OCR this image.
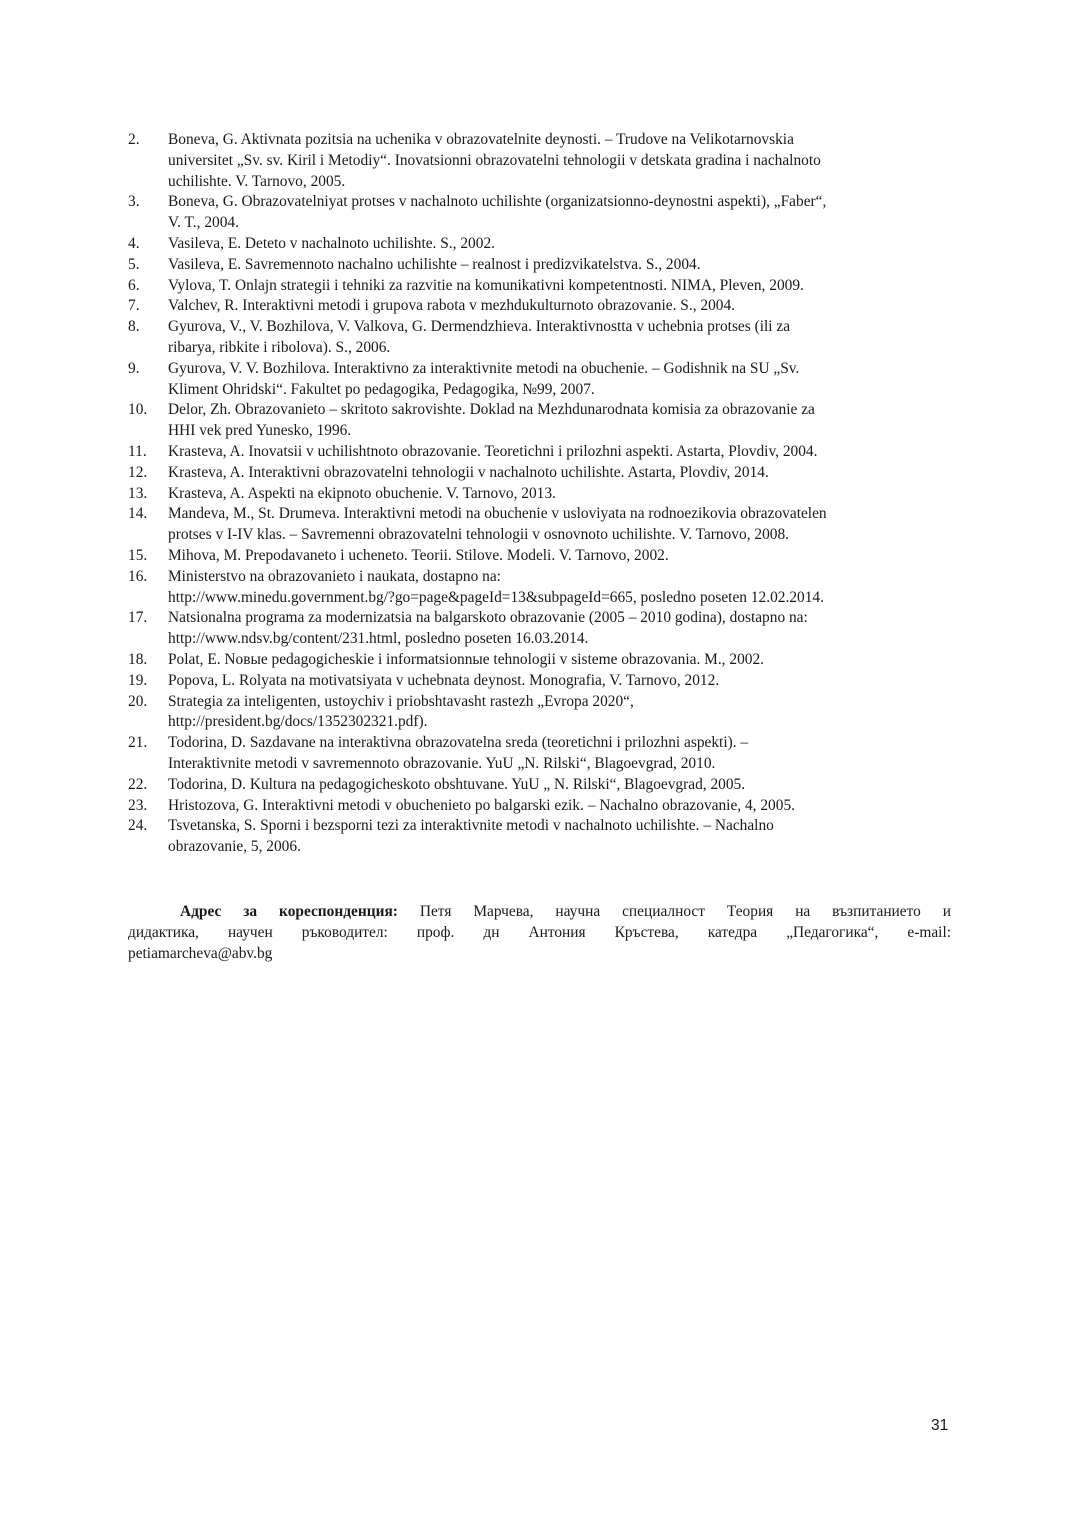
2.	Boneva, G. Aktivnata pozitsia na uchenika v obrazovatelnite deynosti. – Trudove na Velikotarnovskia
universitet „Sv. sv. Kiril i Metodiy“. Inovatsionni obrazovatelni tehnologii v detskata gradina i nachalnoto
uchilishte. V. Tarnovo, 2005.
3.	Boneva, G. Obrazovatelniyat protses v nachalnoto uchilishte (organizatsionno-deynostni aspekti), „Faber“,
V. T., 2004.
4.	Vasileva, E. Deteto v nachalnoto uchilishte. S., 2002.
5.	Vasileva, E. Savremennoto nachalno uchilishte – realnost i predizvikatelstva. S., 2004.
6.	Vylova, T. Onlajn strategii i tehniki za razvitie na komunikativni kompetentnosti. NIMA, Pleven, 2009.
7.	Valchev, R. Interaktivni metodi i grupova rabota v mezhdukulturnoto obrazovanie. S., 2004.
8.	Gyurova, V., V. Bozhilova, V. Valkova, G. Dermendzhieva. Interaktivnostta v uchebnia protses (ili za
ribarya, ribkite i ribolova). S., 2006.
9.	Gyurova, V. V. Bozhilova. Interaktivno za interaktivnite metodi na obuchenie. – Godishnik na SU „Sv.
Kliment Ohridski“. Fakultet po pedagogika, Pedagogika, №99, 2007.
10.	Delor, Zh. Obrazovanieto – skritoto sakrovishte. Doklad na Mezhdunarodnata komisia za obrazovanie za
HHI vek pred Yunesko, 1996.
11.	Krasteva, A. Inovatsii v uchilishtnoto obrazovanie. Teoretichni i prilozhni aspekti. Astarta, Plovdiv, 2004.
12.	Krasteva, A. Interaktivni obrazovatelni tehnologii v nachalnoto uchilishte. Astarta, Plovdiv, 2014.
13.	Krasteva, A. Aspekti na ekipnoto obuchenie. V. Tarnovo, 2013.
14.	Mandeva, M., St. Drumeva. Interaktivni metodi na obuchenie v usloviyata na rodnoezikovia obrazovatelen
protses v I-IV klas. – Savremenni obrazovatelni tehnologii v osnovnoto uchilishte. V. Tarnovo, 2008.
15.	Mihova, M. Prepodavaneto i ucheneto. Teorii. Stilove. Modeli. V. Tarnovo, 2002.
16.	Ministerstvo na obrazovanieto i naukata, dostapno na:
http://www.minedu.government.bg/?go=page&pageId=13&subpageId=665, posledno poseten 12.02.2014.
17.	Natsionalna programa za modernizatsia na balgarskoto obrazovanie (2005 – 2010 godina), dostapno na:
http://www.ndsv.bg/content/231.html, posledno poseten 16.03.2014.
18.	Polat, E. Noвые pedagogicheskie i informatsionnыe tehnologii v sisteme obrazovania. M., 2002.
19.	Popova, L. Rolyata na motivatsiyata v uchebnata deynost. Monografia, V. Tarnovo, 2012.
20.	Strategia za inteligenten, ustoychiv i priobshtavasht rastezh „Evropa 2020“,
http://president.bg/docs/1352302321.pdf).
21.	Todorina, D. Sazdavane na interaktivna obrazovatelna sreda (teoretichni i prilozhni aspekti). –
Interaktivnite metodi v savremennoto obrazovanie. YuU „N. Rilski“, Blagoevgrad, 2010.
22.	Todorina, D. Kultura na pedagogicheskoto obshtuvane. YuU „ N. Rilski“, Blagoevgrad, 2005.
23.	Hristozova, G. Interaktivni metodi v obuchenieto po balgarski ezik. – Nachalno obrazovanie, 4, 2005.
24.	Tsvetanska, S. Sporni i bezsporni tezi za interaktivnite metodi v nachalnoto uchilishte. – Nachalno
obrazovanie, 5, 2006.
Адрес за кореспонденция: Петя Марчева, научна специалност Теория на възпитанието и
дидактика, научен ръководител: проф. дн Антония Кръстева, катедра „Педагогика“, e-mail:
petiamarcheva@abv.bg
31
